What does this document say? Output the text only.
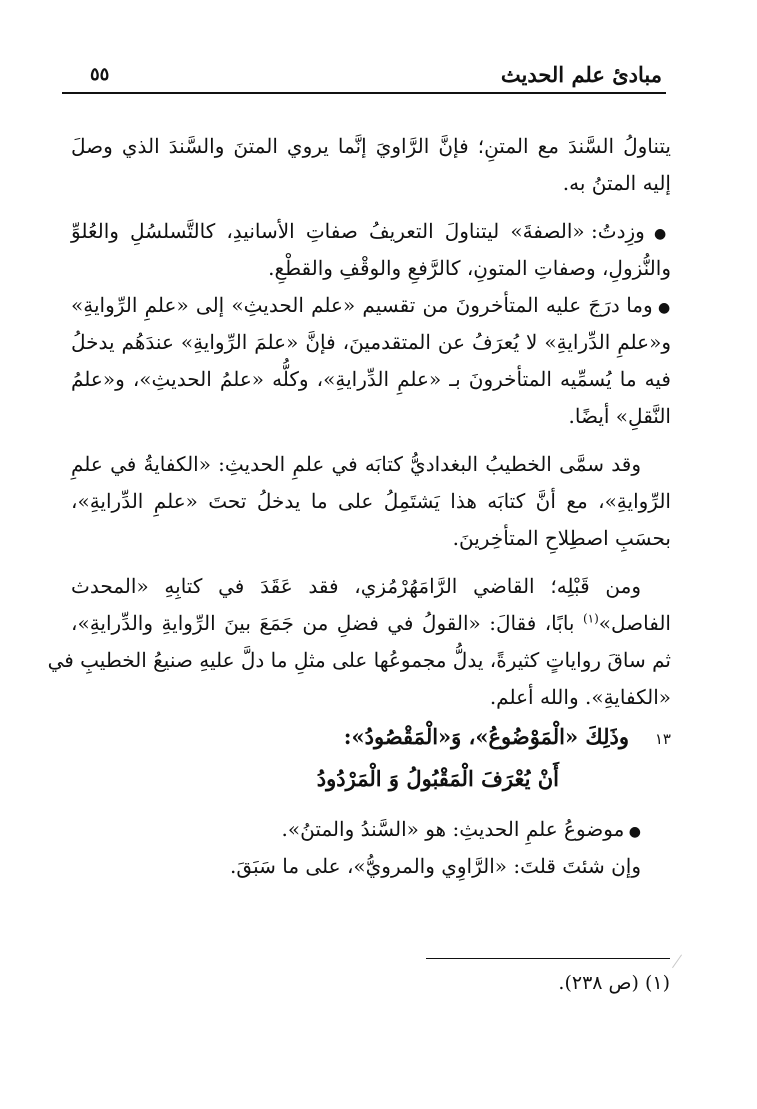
مبادئ علم الحديث
٥٥
يتناولُ السَّندَ مع المتنِ؛ فإنَّ الرَّاويَ إنَّما يروي المتنَ والسَّندَ الذي وصلَ
إليه المتنُ به.
● وزِدتُ: «الصفةَ» ليتناولَ التعريفُ صفاتِ الأسانيدِ، كالتَّسلسُلِ والعُلوِّ
والنُّزولِ، وصفاتِ المتونِ، كالرَّفعِ والوقْفِ والقطْعِ.
● وما درَجَ عليه المتأخرونَ من تقسيم «علم الحديثِ» إلى «علمِ الرِّوايةِ»
و«علمِ الدِّرايةِ» لا يُعرَفُ عن المتقدمينَ، فإنَّ «علمَ الرِّوايةِ» عندَهُم يدخلُ
فيه ما يُسمِّيه المتأخرونَ بـ «علمِ الدِّرايةِ»، وكلُّه «علمُ الحديثِ»، و«علمُ
النَّقلِ» أيضًا.
وقد سمَّى الخطيبُ البغداديُّ كتابَه في علمِ الحديثِ: «الكفايةُ في علمِ
الرِّوايةِ»، مع أنَّ كتابَه هذا يَشتَمِلُ على ما يدخلُ تحتَ «علمِ الدِّرايةِ»،
بحسَبِ اصطِلاحِ المتأخِرينَ.
ومن قَبْلِه؛ القاضي الرَّامَهُرْمُزي، فقد عَقَدَ في كتابِهِ «المحدث
الفاصل»$^{(١)}$ بابًا، فقالَ: «القولُ في فضلِ من جَمَعَ بينَ الرِّوايةِ والدِّرايةِ»،
ثم ساقَ رواياتٍ كثيرةً، يدلُّ مجموعُها على مثلِ ما دلَّ عليهِ صنيعُ الخطيبِ في
«الكفايةِ». والله أعلم.
١٣وذَلِكَ «الْمَوْضُوعُ»، وَ«الْمَقْصُودُ»:
أَنْ يُعْرَفَ الْمَقْبُولُ وَ الْمَرْدُودُ
● موضوعُ علمِ الحديثِ: هو «السَّندُ والمتنُ».
وإن شئتَ قلتَ: «الرَّاوِي والمرويُّ»، على ما سَبَقَ.
(١) (ص ٢٣٨).
